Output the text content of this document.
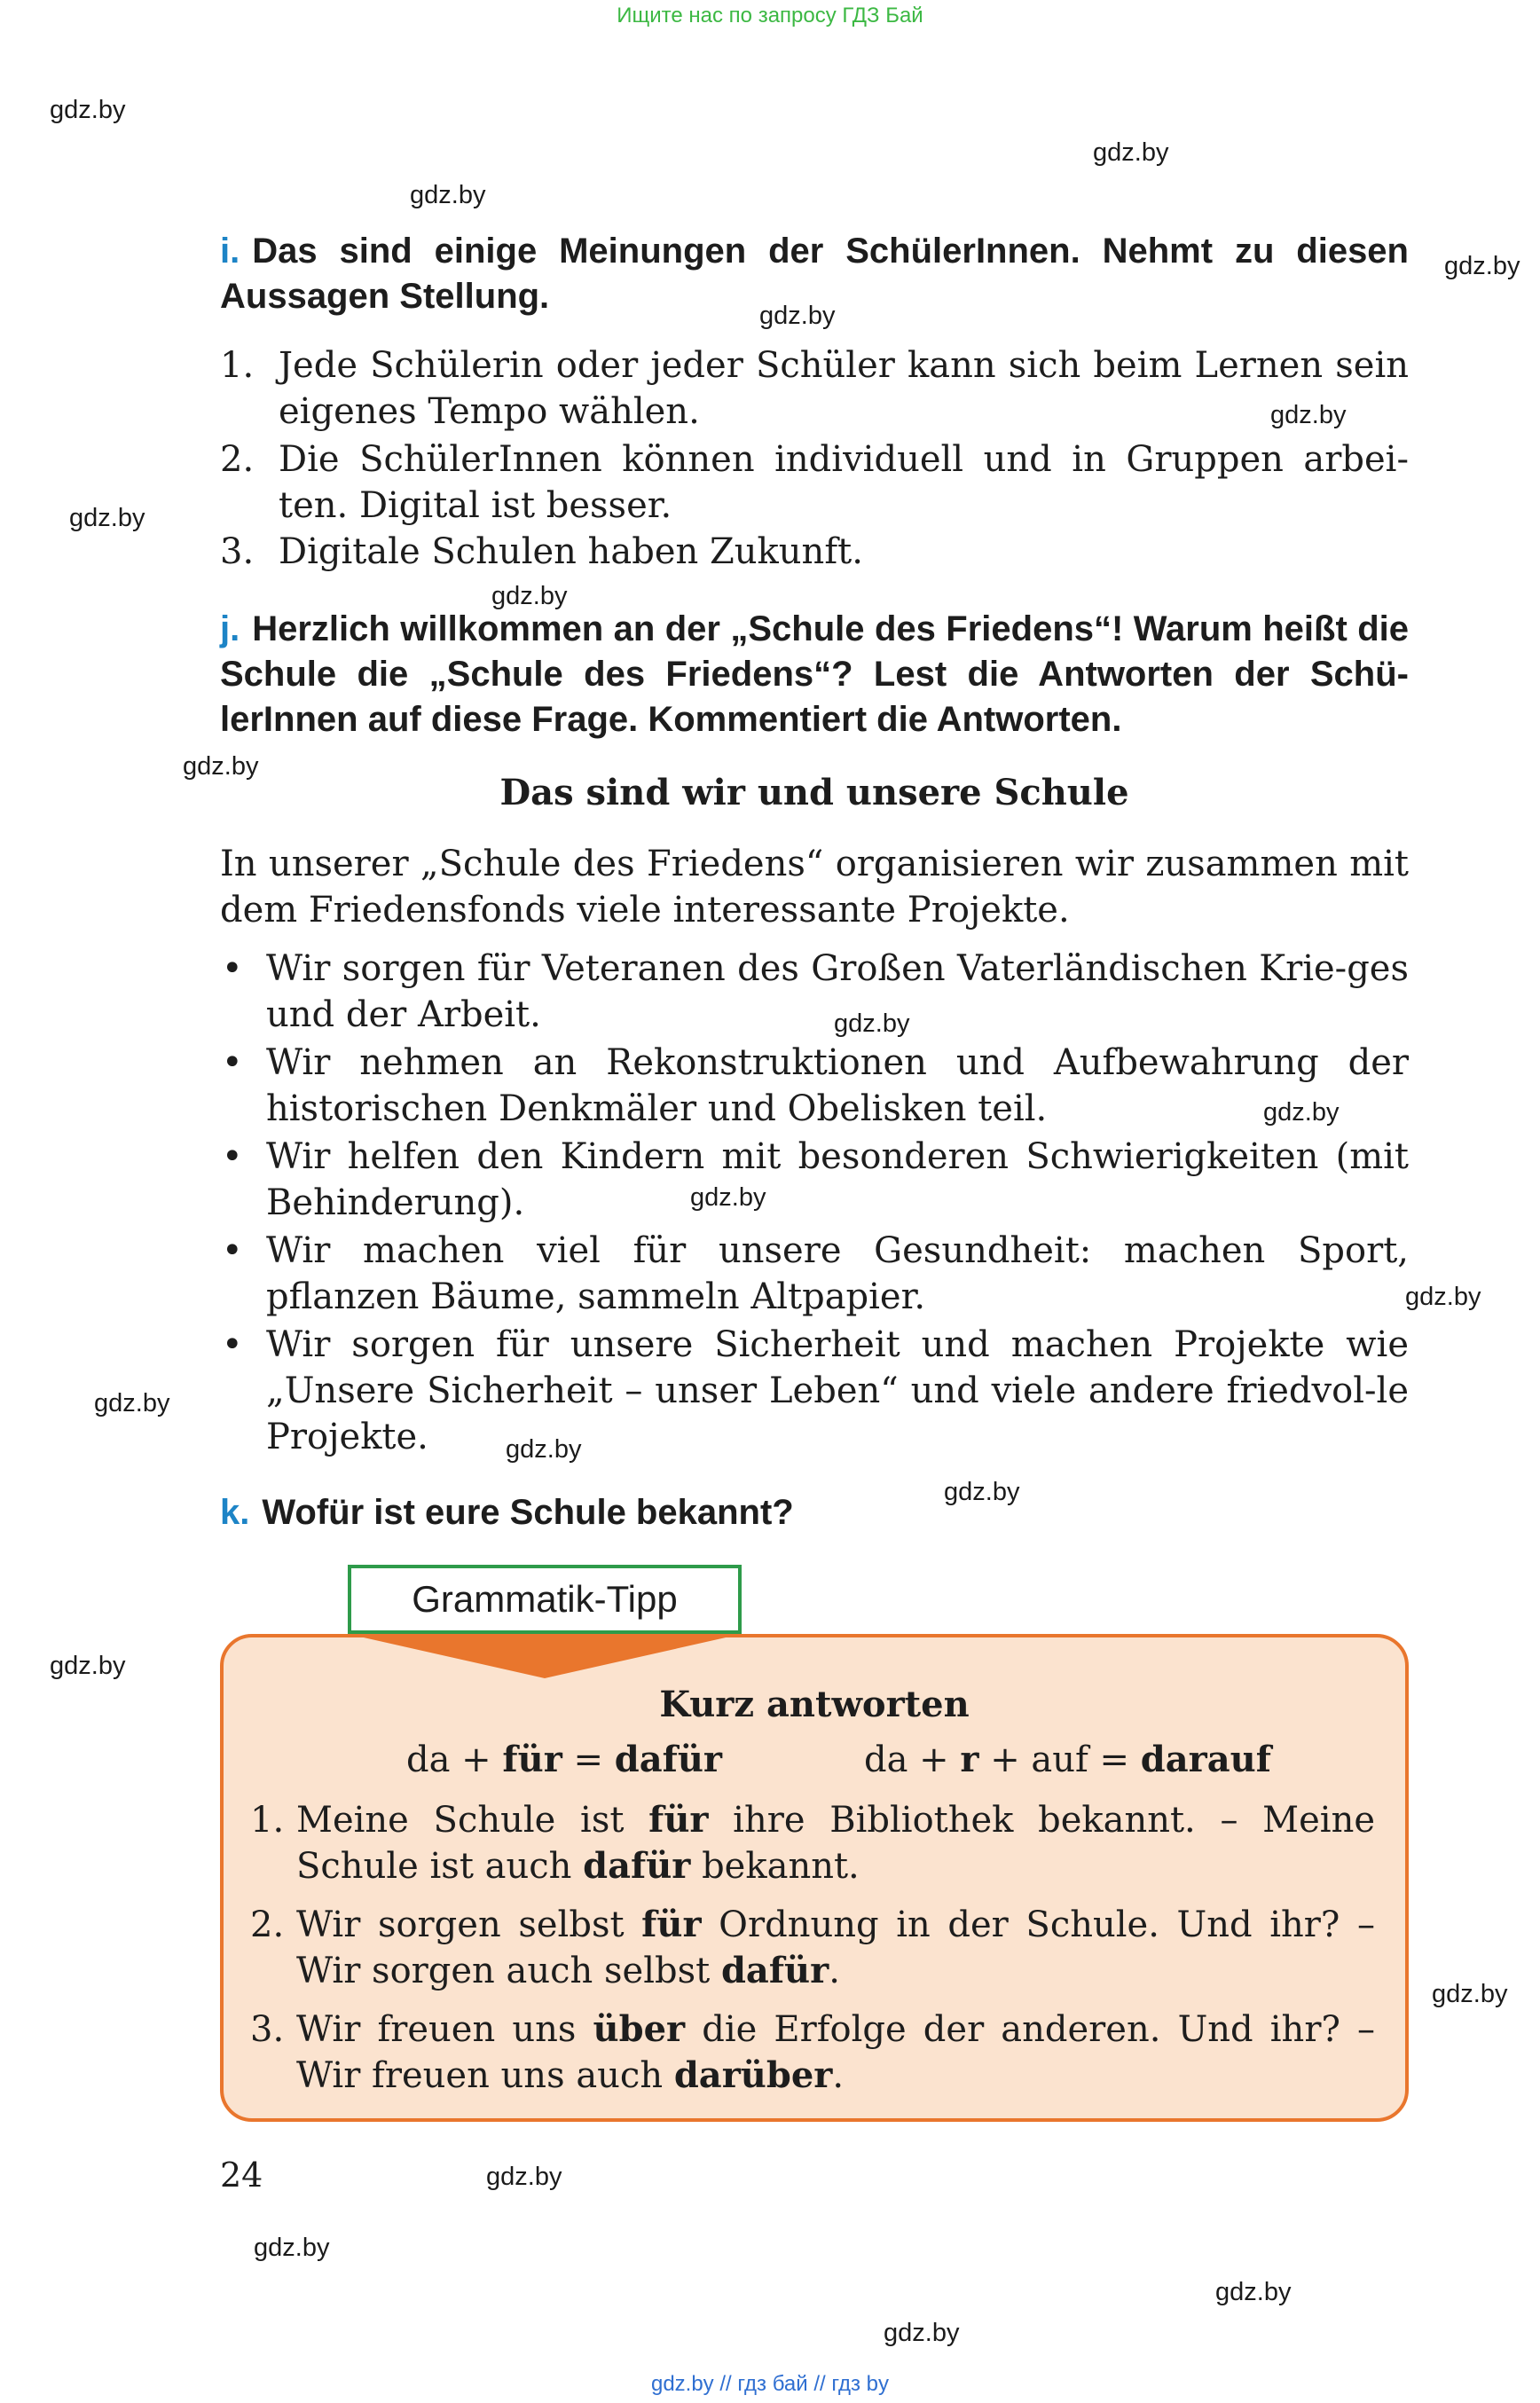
Ищите нас по запросу ГДЗ Бай
gdz.by
gdz.by
gdz.by
gdz.by
gdz.by
gdz.by
gdz.by
gdz.by
gdz.by
gdz.by
gdz.by
gdz.by
gdz.by
gdz.by
gdz.by
gdz.by
gdz.by
gdz.by
gdz.by
gdz.by
gdz.by
gdz.by
i. Das sind einige Meinungen der SchülerInnen. Nehmt zu diesen Aussagen Stellung.
1. Jede Schülerin oder jeder Schüler kann sich beim Lernen sein eigenes Tempo wählen.
2. Die SchülerInnen können individuell und in Gruppen arbei-ten. Digital ist besser.
3. Digitale Schulen haben Zukunft.
j. Herzlich willkommen an der „Schule des Friedens“! Warum heißt die Schule die „Schule des Friedens“? Lest die Antworten der Schü-lerInnen auf diese Frage. Kommentiert die Antworten.
Das sind wir und unsere Schule
In unserer „Schule des Friedens“ organisieren wir zusammen mit dem Friedensfonds viele interessante Projekte.
• Wir sorgen für Veteranen des Großen Vaterländischen Krie-ges und der Arbeit.
• Wir nehmen an Rekonstruktionen und Aufbewahrung der historischen Denkmäler und Obelisken teil.
• Wir helfen den Kindern mit besonderen Schwierigkeiten (mit Behinderung).
• Wir machen viel für unsere Gesundheit: machen Sport, pflanzen Bäume, sammeln Altpapier.
• Wir sorgen für unsere Sicherheit und machen Projekte wie „Unsere Sicherheit – unser Leben“ und viele andere friedvol-le Projekte.
k. Wofür ist eure Schule bekannt?
Grammatik-Tipp
Kurz antworten
da + für = dafür	da + r + auf = darauf
1. Meine Schule ist für ihre Bibliothek bekannt. – Meine Schule ist auch dafür bekannt.
2. Wir sorgen selbst für Ordnung in der Schule. Und ihr? – Wir sorgen auch selbst dafür.
3. Wir freuen uns über die Erfolge der anderen. Und ihr? – Wir freuen uns auch darüber.
24
gdz.by // гдз бай // гдз by
